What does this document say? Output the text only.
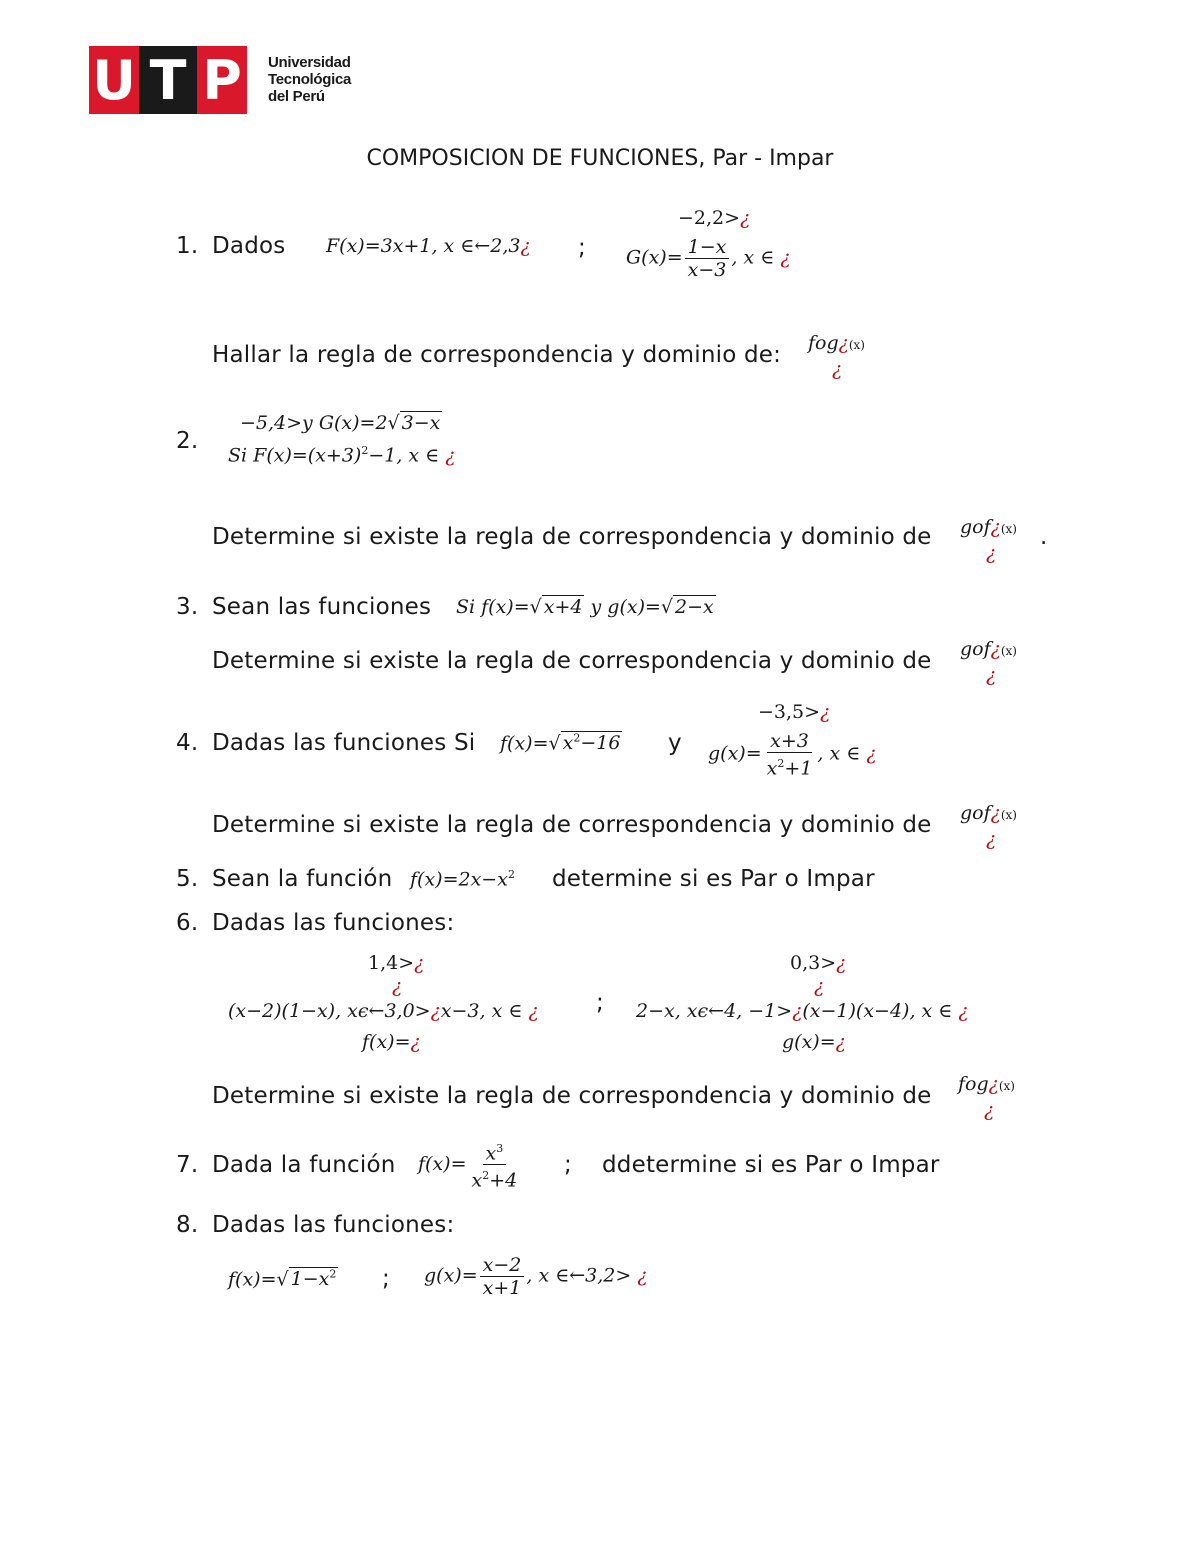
U T P	Universidad
Tecnológica
del Perú
COMPOSICION DE FUNCIONES, Par - Impar
1. Dados F(x)=3x+1, x ∈←2,3¿ ;
−2,2>¿
$G(x)= \frac{1-x}{x-3}$ , x ∈ ¿
Hallar la regla de correspondencia y dominio de: fog¿(x)
¿
2.
−5,4>y G(x)=2√ 3−x
Si $F(x)=(x+3)^2-1$, x ∈ ¿
Determine si existe la regla de correspondencia y dominio de gof¿(x)
¿
.
3. Sean las funciones Si f(x)=√ x+4 y g(x)=√ 2−x
Determine si existe la regla de correspondencia y dominio de gof¿(x)
¿
4. Dadas las funciones Si f(x)=√ $x^2-16$ y
−3,5>¿
$g(x)= \frac{x+3}{x^2+1}$ , x ∈ ¿
Determine si existe la regla de correspondencia y dominio de gof¿(x)
¿
5. Sean la función $f(x)=2x-x^2$ determine si es Par o Impar
6. Dadas las funciones:
1,4>¿
¿
(x−2)(1−x), xϵ←3,0>¿x−3, x ∈ ¿
f(x)=¿
;
0,3>¿
¿
2−x, xϵ←4, −1>¿(x−1)(x−4), x ∈ ¿
g(x)=¿
Determine si existe la regla de correspondencia y dominio de fog¿(x)
¿
7. Dada la función $f(x)= \frac{x^3}{x^2+4}$ ; ddetermine si es Par o Impar
8. Dadas las funciones:
f(x)=√ $1-x^2$ ; $g(x)= \frac{x-2}{x+1}$ , x ∈←3,2> ¿
